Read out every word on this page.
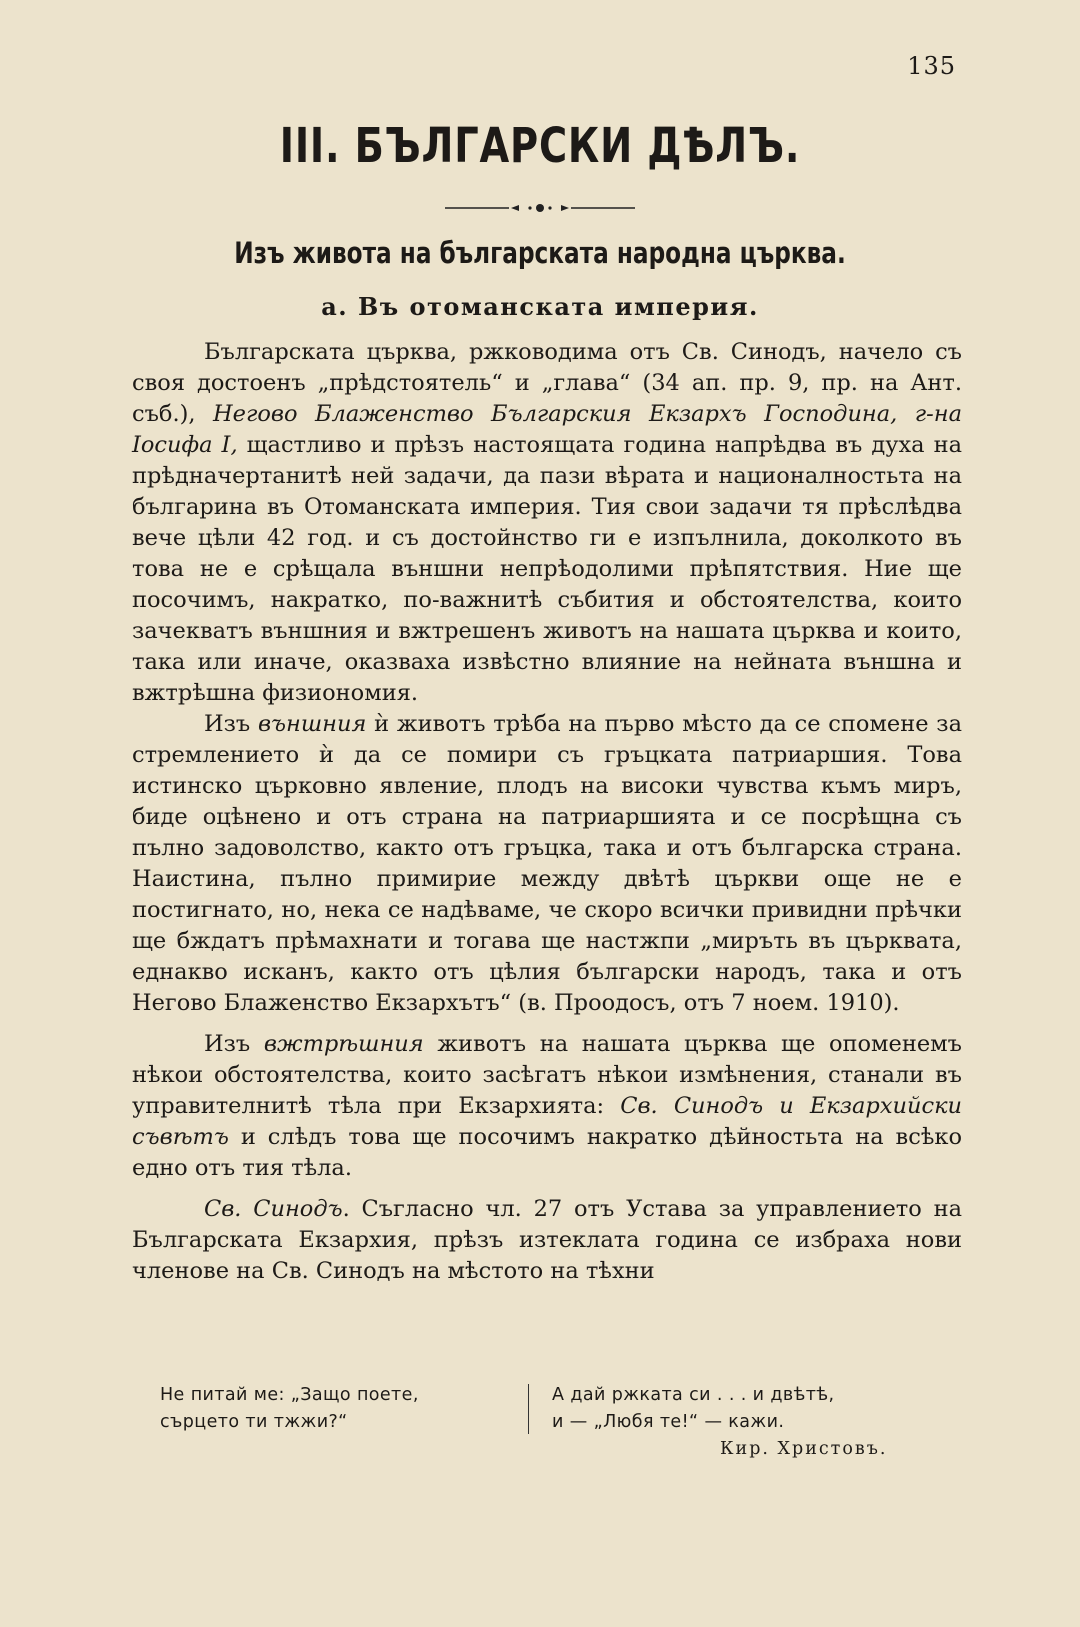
135
III. БЪЛГАРСКИ ДѢЛЪ.
Изъ живота на българската народна църква.
а. Въ отоманската империя.

Българската църква, ржководима отъ Св. Синодъ, начело съ своя достоенъ „прѣдстоятель“ и „глава“ (34 ап. пр. 9, пр. на Ант. съб.), Негово Блаженство Българския Екзархъ Господина, г-на Іосифа І, щастливо и прѣзъ настоящата година напрѣдва въ духа на прѣдначертанитѣ ней задачи, да пази вѣрата и националностьта на българина въ Отоманската империя. Тия свои задачи тя прѣслѣдва вече цѣли 42 год. и съ достойнство ги е изпълнила, доколкото въ това не е срѣщала външни непрѣодолими прѣпятствия. Ние ще посочимъ, накратко, по-важнитѣ събития и обстоятелства, които зачекватъ външния и вжтрешенъ животъ на нашата църква и които, така или иначе, оказваха извѣстно влияние на нейната външна и вжтрѣшна физиономия.

Изъ външния ѝ животъ трѣба на първо мѣсто да се спомене за стремлението ѝ да се помири съ гръцката патриаршия. Това истинско църковно явление, плодъ на високи чувства къмъ миръ, биде оцѣнено и отъ страна на патриаршията и се посрѣщна съ пълно задоволство, както отъ гръцка, така и отъ българска страна. Наистина, пълно примирие между двѣтѣ църкви още не е постигнато, но, нека се надѣваме, че скоро всички привидни прѣчки ще бждатъ прѣмахнати и тогава ще настжпи „миръть въ църквата, еднакво исканъ, както отъ цѣлия български народъ, така и отъ Негово Блаженство Екзархътъ“ (в. Проодосъ, отъ 7 ноем. 1910).

Изъ вжтрѣшния животъ на нашата църква ще опоменемъ нѣкои обстоятелства, които засѣгатъ нѣкои измѣнения, станали въ управителнитѣ тѣла при Екзархията: Св. Синодъ и Екзархийски съвѣтъ и слѣдъ това ще посочимъ накратко дѣйностьта на всѣко едно отъ тия тѣла.

Св. Синодъ. Съгласно чл. 27 отъ Устава за управлението на Българската Екзархия, прѣзъ изтеклата година се избраха нови членове на Св. Синодъ на мѣстото на тѣхни

Не питай ме: „Защо поете,
сърцето ти тжжи?“
А дай ржката си . . . и двѣтѣ,
и — „Любя те!“ — кажи.
Кир. Христовъ.
